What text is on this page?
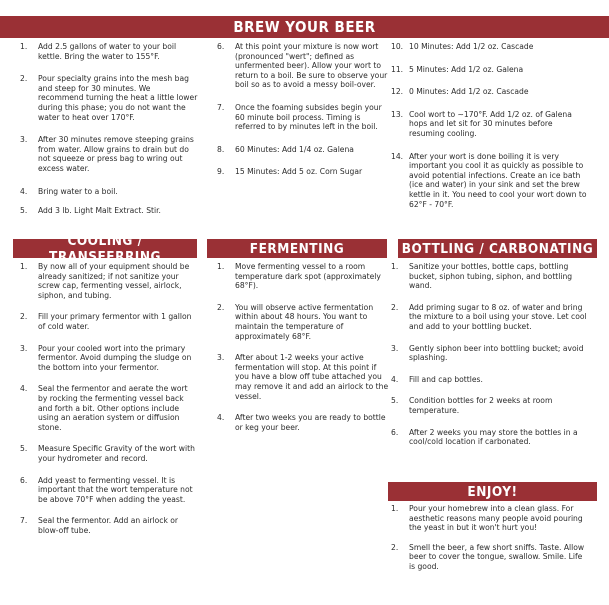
BREW YOUR BEER
1. Add 2.5 gallons of water to your boil kettle. Bring the water to 155°F.
2. Pour specialty grains into the mesh bag and steep for 30 minutes. We recommend turning the heat a little lower during this phase; you do not want the water to heat over 170°F.
3. After 30 minutes remove steeping grains from water. Allow grains to drain but do not squeeze or press bag to wring out excess water.
4. Bring water to a boil.
5. Add 3 lb. Light Malt Extract. Stir.
6. At this point your mixture is now wort (pronounced "wert"; defined as unfermented beer). Allow your wort to return to a boil. Be sure to observe your boil so as to avoid a messy boil-over.
7. Once the foaming subsides begin your 60 minute boil process. Timing is referred to by minutes left in the boil.
8. 60 Minutes: Add 1/4 oz. Galena
9. 15 Minutes: Add 5 oz. Corn Sugar
10. 10 Minutes: Add 1/2 oz. Cascade
11. 5 Minutes: Add 1/2 oz. Galena
12. 0 Minutes: Add 1/2 oz. Cascade
13. Cool wort to ~170°F. Add 1/2 oz. of Galena hops and let sit for 30 minutes before resuming cooling.
14. After your wort is done boiling it is very important you cool it as quickly as possible to avoid potential infections. Create an ice bath (ice and water) in your sink and set the brew kettle in it. You need to cool your wort down to 62°F - 70°F.
COOLING / TRANSFERRING
1. By now all of your equipment should be already sanitized; if not sanitize your screw cap, fermenting vessel, airlock, siphon, and tubing.
2. Fill your primary fermentor with 1 gallon of cold water.
3. Pour your cooled wort into the primary fermentor. Avoid dumping the sludge on the bottom into your fermentor.
4. Seal the fermentor and aerate the wort by rocking the fermenting vessel back and forth a bit. Other options include using an aeration system or diffusion stone.
5. Measure Specific Gravity of the wort with your hydrometer and record.
6. Add yeast to fermenting vessel. It is important that the wort temperature not be above 70°F when adding the yeast.
7. Seal the fermentor. Add an airlock or blow-off tube.
FERMENTING
1. Move fermenting vessel to a room temperature dark spot (approximately 68°F).
2. You will observe active fermentation within about 48 hours. You want to maintain the temperature of approximately 68°F.
3. After about 1-2 weeks your active fermentation will stop. At this point if you have a blow off tube attached you may remove it and add an airlock to the vessel.
4. After two weeks you are ready to bottle or keg your beer.
BOTTLING / CARBONATING
1. Sanitize your bottles, bottle caps, bottling bucket, siphon tubing, siphon, and bottling wand.
2. Add priming sugar to 8 oz. of water and bring the mixture to a boil using your stove. Let cool and add to your bottling bucket.
3. Gently siphon beer into bottling bucket; avoid splashing.
4. Fill and cap bottles.
5. Condition bottles for 2 weeks at room temperature.
6. After 2 weeks you may store the bottles in a cool/cold location if carbonated.
ENJOY!
1. Pour your homebrew into a clean glass. For aesthetic reasons many people avoid pouring the yeast in but it won't hurt you!
2. Smell the beer, a few short sniffs. Taste. Allow beer to cover the tongue, swallow. Smile. Life is good.
